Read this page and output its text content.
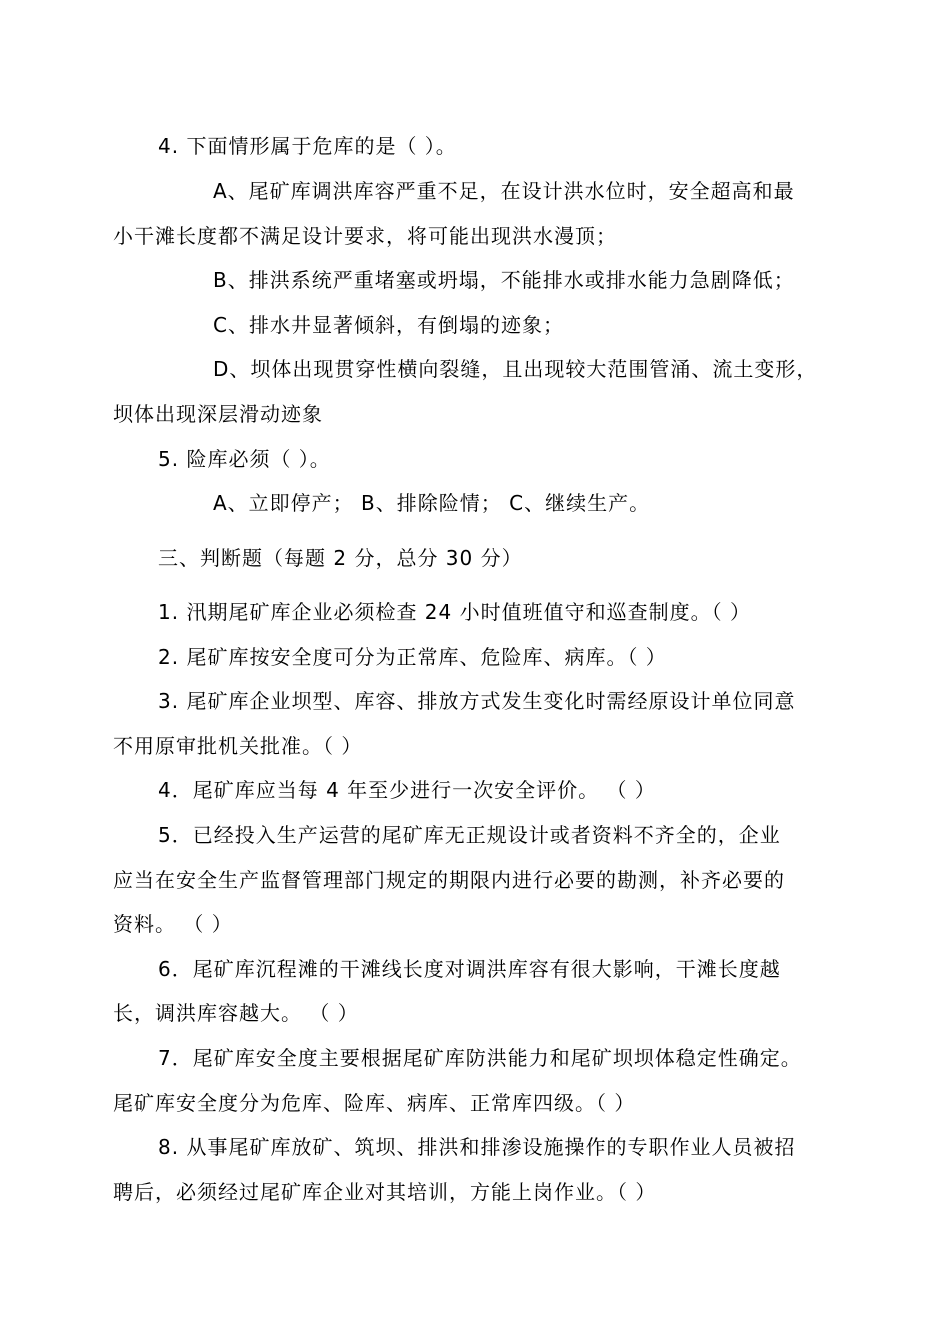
4. 下面情形属于危库的是（ ）。
A、尾矿库调洪库容严重不足，在设计洪水位时，安全超高和最
小干滩长度都不满足设计要求，将可能出现洪水漫顶；
B、排洪系统严重堵塞或坍塌，不能排水或排水能力急剧降低；
C、排水井显著倾斜，有倒塌的迹象；
D、坝体出现贯穿性横向裂缝，且出现较大范围管涌、流土变形，
坝体出现深层滑动迹象
5. 险库必须（ ）。
A、立即停产； B、排除险情； C、继续生产。
三、判断题（每题 2 分，总分 30 分）
1. 汛期尾矿库企业必须检查 24 小时值班值守和巡查制度。（ ）
2. 尾矿库按安全度可分为正常库、危险库、病库。（ ）
3. 尾矿库企业坝型、库容、排放方式发生变化时需经原设计单位同意
不用原审批机关批准。（ ）
4．尾矿库应当每 4 年至少进行一次安全评价。 （ ）
5．已经投入生产运营的尾矿库无正规设计或者资料不齐全的，企业
应当在安全生产监督管理部门规定的期限内进行必要的勘测，补齐必要的
资料。 （ ）
6．尾矿库沉程滩的干滩线长度对调洪库容有很大影响，干滩长度越
长，调洪库容越大。 （ ）
7．尾矿库安全度主要根据尾矿库防洪能力和尾矿坝坝体稳定性确定。
尾矿库安全度分为危库、险库、病库、正常库四级。（ ）
8. 从事尾矿库放矿、筑坝、排洪和排渗设施操作的专职作业人员被招
聘后，必须经过尾矿库企业对其培训，方能上岗作业。（ ）
